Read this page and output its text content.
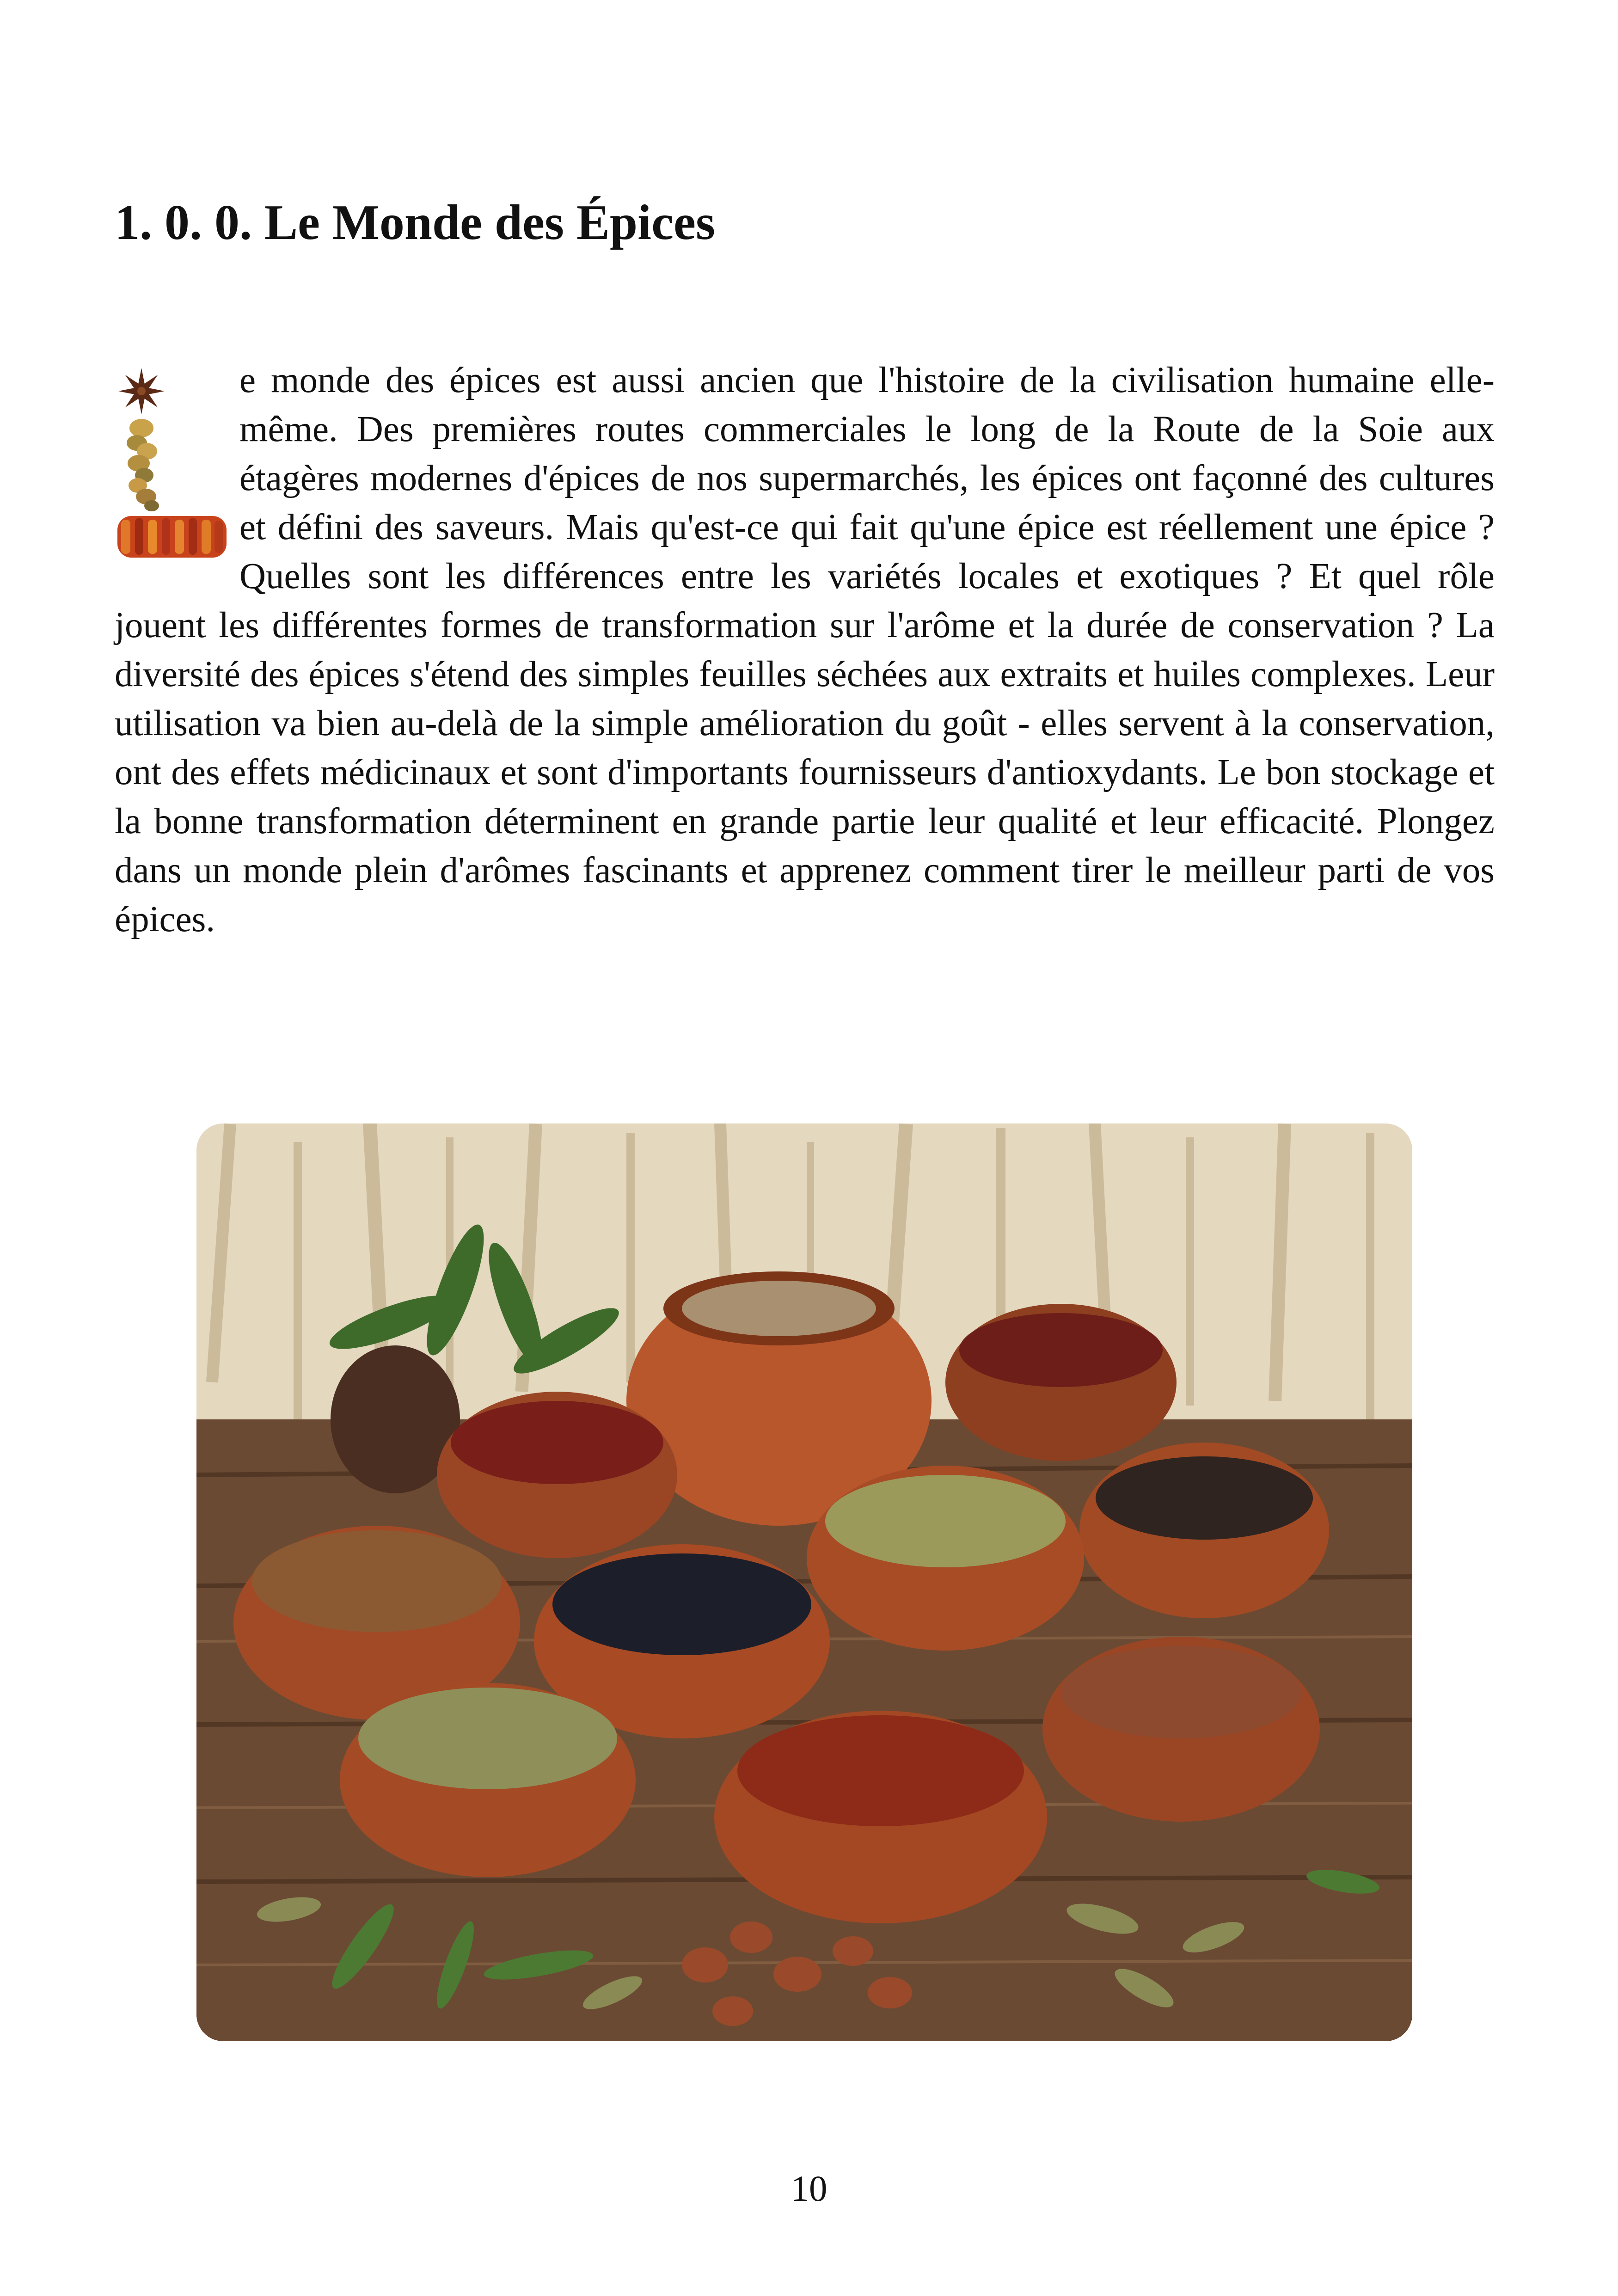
1. 0. 0. Le Monde des Épices

e monde des épices est aussi ancien que l'histoire de la civilisation humaine elle-même. Des premières routes commerciales le long de la Route de la Soie aux étagères modernes d'épices de nos supermarchés, les épices ont façonné des cultures et défini des saveurs. Mais qu'est-ce qui fait qu'une épice est réellement une épice ? Quelles sont les différences entre les variétés locales et exotiques ? Et quel rôle jouent les différentes formes de transformation sur l'arôme et la durée de conservation ? La diversité des épices s'étend des simples feuilles séchées aux extraits et huiles complexes. Leur utilisation va bien au-delà de la simple amélioration du goût - elles servent à la conservation, ont des effets médicinaux et sont d'importants fournisseurs d'antioxydants. Le bon stockage et la bonne transformation déterminent en grande partie leur qualité et leur efficacité. Plongez dans un monde plein d'arômes fascinants et apprenez comment tirer le meilleur parti de vos épices.

10
